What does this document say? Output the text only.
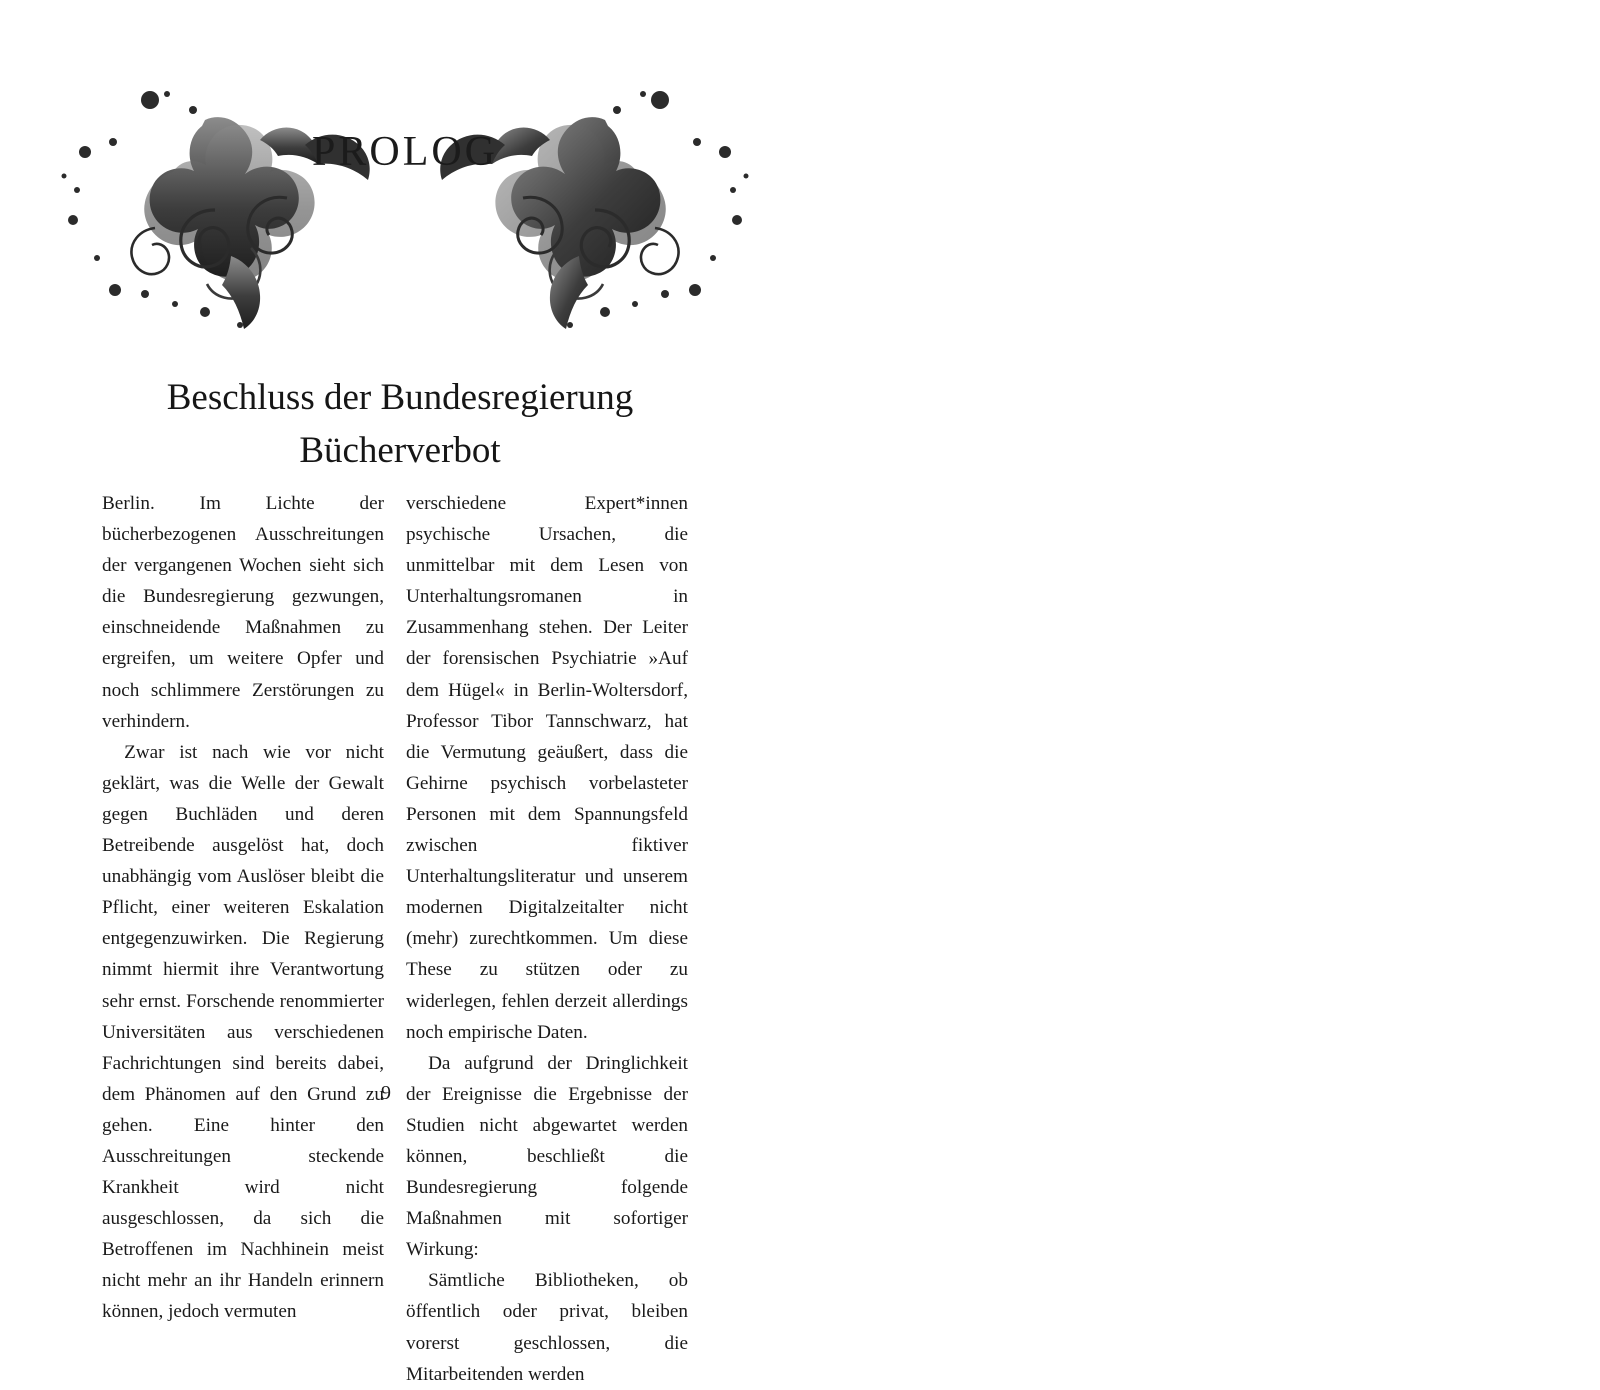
PROLOG
Beschluss der Bundesregierung
Bücherverbot

Berlin. Im Lichte der bücherbezogenen Ausschreitungen der vergangenen Wochen sieht sich die Bundesregierung gezwungen, einschneidende Maßnahmen zu ergreifen, um weitere Opfer und noch schlimmere Zerstörungen zu verhindern.

Zwar ist nach wie vor nicht geklärt, was die Welle der Gewalt gegen Buchläden und deren Betreibende ausgelöst hat, doch unabhängig vom Auslöser bleibt die Pflicht, einer weiteren Eskalation entgegenzuwirken. Die Regierung nimmt hiermit ihre Verantwortung sehr ernst. Forschende renommierter Universitäten aus verschiedenen Fachrichtungen sind bereits dabei, dem Phänomen auf den Grund zu gehen. Eine hinter den Ausschreitungen steckende Krankheit wird nicht ausgeschlossen, da sich die Betroffenen im Nachhinein meist nicht mehr an ihr Handeln erinnern können, jedoch vermuten

verschiedene Expert*innen psychische Ursachen, die unmittelbar mit dem Lesen von Unterhaltungsromanen in Zusammenhang stehen. Der Leiter der forensischen Psychiatrie »Auf dem Hügel« in Berlin-Woltersdorf, Professor Tibor Tannschwarz, hat die Vermutung geäußert, dass die Gehirne psychisch vorbelasteter Personen mit dem Spannungsfeld zwischen fiktiver Unterhaltungsliteratur und unserem modernen Digitalzeitalter nicht (mehr) zurechtkommen. Um diese These zu stützen oder zu widerlegen, fehlen derzeit allerdings noch empirische Daten.

Da aufgrund der Dringlichkeit der Ereignisse die Ergebnisse der Studien nicht abgewartet werden können, beschließt die Bundesregierung folgende Maßnahmen mit sofortiger Wirkung:

Sämtliche Bibliotheken, ob öffentlich oder privat, bleiben vorerst geschlossen, die Mitarbeitenden werden

9
